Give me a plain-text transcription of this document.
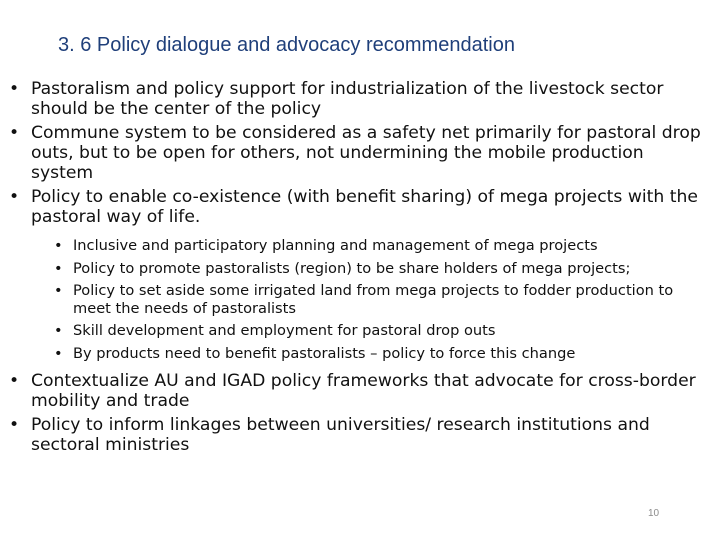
3. 6 Policy dialogue and advocacy recommendation
• Pastoralism and policy support for industrialization of the livestock sector should be the center of the policy
• Commune system to be considered as a safety net primarily for pastoral drop outs, but to be open for others, not undermining the mobile production system
• Policy to enable co-existence (with benefit sharing) of mega projects with the pastoral way of life.
• Inclusive and participatory planning and management of mega projects
• Policy to promote pastoralists (region) to be share holders of mega projects;
• Policy to set aside some irrigated land from mega projects to fodder production to meet the needs of pastoralists
• Skill development and employment for pastoral drop outs
• By products need to benefit pastoralists – policy to force this change
• Contextualize AU and IGAD policy frameworks that advocate for cross-border mobility and trade
• Policy to inform linkages between universities/ research institutions and sectoral ministries
10
